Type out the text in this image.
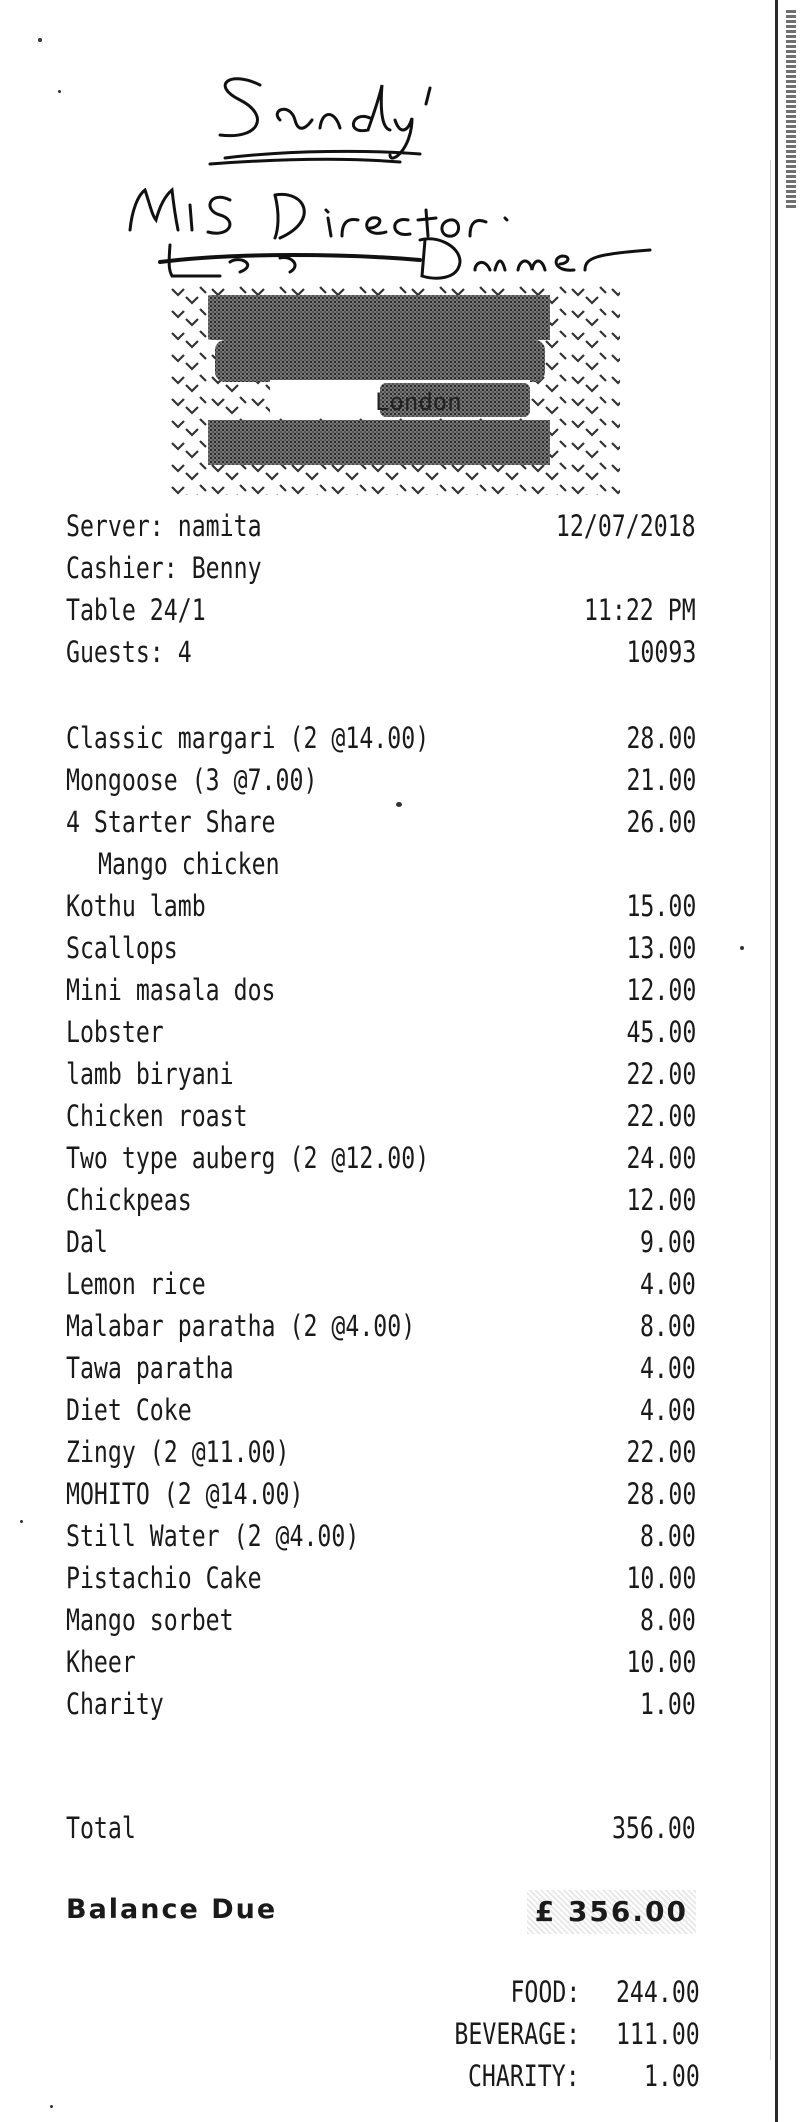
London
Server: namita	12/07/2018
Cashier: Benny
Table 24/1	11:22 PM
Guests: 4	10093
Classic margari (2 @14.00)	28.00
Mongoose (3 @7.00)	21.00
4 Starter Share	26.00
Mango chicken
Kothu lamb	15.00
Scallops	13.00
Mini masala dos	12.00
Lobster	45.00
lamb biryani	22.00
Chicken roast	22.00
Two type auberg (2 @12.00)	24.00
Chickpeas	12.00
Dal	9.00
Lemon rice	4.00
Malabar paratha (2 @4.00)	8.00
Tawa paratha	4.00
Diet Coke	4.00
Zingy (2 @11.00)	22.00
MOHITO (2 @14.00)	28.00
Still Water (2 @4.00)	8.00
Pistachio Cake	10.00
Mango sorbet	8.00
Kheer	10.00
Charity	1.00
Total	356.00
Balance Due	£ 356.00
FOOD: 244.00
BEVERAGE: 111.00
CHARITY: 1.00
